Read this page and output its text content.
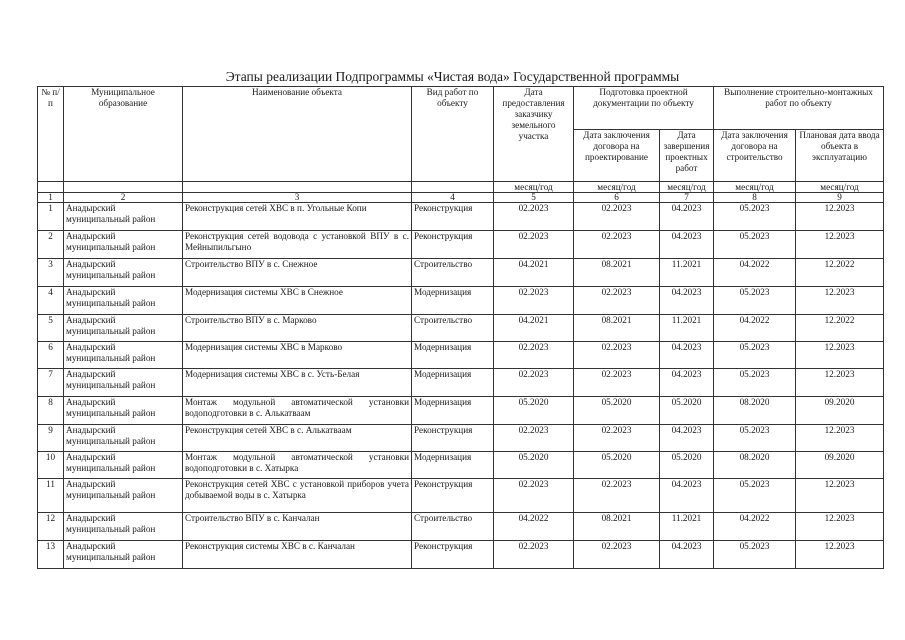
Этапы реализации Подпрограммы «Чистая вода» Государственной программы
№ п/п	Муниципальное образование	Наименование объекта	Вид работ по объекту	Дата предоставления заказчику земельного участка	Подготовка проектной документации по объекту		Выполнение строительно-монтажных работ по объекту	
					Дата заключения договора на проектирование	Дата завершения проектных работ	Дата заключения договора на строительство	Плановая дата ввода объекта в эксплуатацию
				месяц/год	месяц/год	месяц/год	месяц/год	месяц/год
1	2	3	4	5	6	7	8	9
1	Анадырский муниципальный район	Реконструкция сетей ХВС в п. Угольные Копи	Реконструкция	02.2023	02.2023	04.2023	05.2023	12.2023
2	Анадырский муниципальный район	Реконструкция сетей водовода с установкой ВПУ в с. Мейныпильгыно	Реконструкция	02.2023	02.2023	04.2023	05.2023	12.2023
3	Анадырский муниципальный район	Строительство ВПУ в с. Снежное	Строительство	04.2021	08.2021	11.2021	04.2022	12.2022
4	Анадырский муниципальный район	Модернизация системы ХВС в Снежное	Модернизация	02.2023	02.2023	04.2023	05.2023	12.2023
5	Анадырский муниципальный район	Строительство ВПУ в с. Марково	Строительство	04.2021	08.2021	11.2021	04.2022	12.2022
6	Анадырский муниципальный район	Модернизация системы ХВС в Марково	Модернизация	02.2023	02.2023	04.2023	05.2023	12.2023
7	Анадырский муниципальный район	Модернизация системы ХВС в с. Усть-Белая	Модернизация	02.2023	02.2023	04.2023	05.2023	12.2023
8	Анадырский муниципальный район	Монтаж модульной автоматической установки водоподготовки в с. Алькатваам	Модернизация	05.2020	05.2020	05.2020	08.2020	09.2020
9	Анадырский муниципальный район	Реконструкция сетей ХВС в с. Алькатваам	Реконструкция	02.2023	02.2023	04.2023	05.2023	12.2023
10	Анадырский муниципальный район	Монтаж модульной автоматической установки водоподготовки в с. Хатырка	Модернизация	05.2020	05.2020	05.2020	08.2020	09.2020
11	Анадырский муниципальный район	Реконструкция сетей ХВС с установкой приборов учета добываемой воды в с. Хатырка	Реконструкция	02.2023	02.2023	04.2023	05.2023	12.2023
12	Анадырский муниципальный район	Строительство ВПУ в с. Канчалан	Строительство	04.2022	08.2021	11.2021	04.2022	12.2023
13	Анадырский муниципальный район	Реконструкция системы ХВС в с. Канчалан	Реконструкция	02.2023	02.2023	04.2023	05.2023	12.2023
